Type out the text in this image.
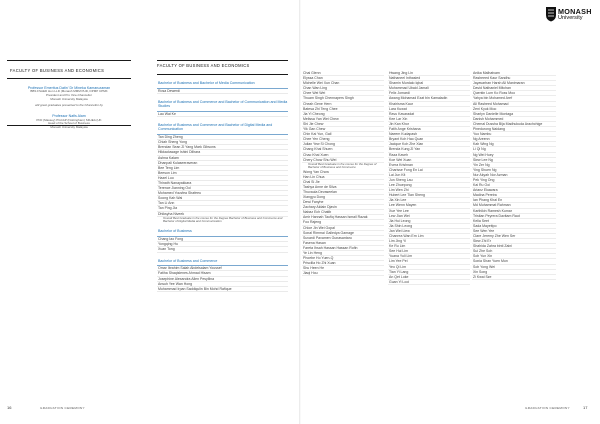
FACULTY OF BUSINESS AND ECONOMICS
Professor Emeritus Datin' Dr Mineka Kamaruzaman
BBS FSAED Hon LLD (Monash MMM PHD, DPMP CPMK
President and Pro Vice-Chancellor
Monash University Malaysia
will greet graduates presented to the Chancellor by
Professor Nafis Alam
PhD (Massey) PGCAP (Nottingham) SFHEA (UK
Head of the School of Business
Monash University Malaysia
FACULTY OF BUSINESS AND ECONOMICS
Bachelor of Business and Bachelor of Media Communication
Rosa Dewerdi
Bachelor of Business and Commerce and Bachelor of Communication and Media Studies
Lau Wai Ke
Bachelor of Business and Commerce and Bachelor of Digital Media and Communication
Tan Ding Zheng
Chiah Sheng Yong
Brendan Sean Zi Yang Mark Gibsons
Hikkaduwage Ishini Dilhara
Ashna Kalam
Dhanpali Kulaseeraveran
Bee Teng Lim
Beeson Lim
Hazel Luo
Thinath Nanayakkara
Terence Jianning Ooi
Mohamed Yousfea Shafeeu
Soong Kah Wai
Tan Li Ann
Tan Ping Jia
Dhiksyha Niveek
Overall Best Graduate in the course for the Degree Bachelor of Business and Commerce and Bachelor of Digital Media and Communication
Bachelor of Business
Chang Iao Fong
Yongqing Hu
Xuan Tong
Bachelor of Business and Commerce
Omar Ibrahim Salah Abdelsalam Youssef
Fatiha Shaqislenes Ahmad Hisam
Josephine Alexandra Allen Pesyllina
Ansuh Yee Wan Hong
Muhammad Irpan Saddiqulin Bin Mohd Rafique
Chai Glenn
Elyssa Chan
Michelle Wei Xun Chan
Chan Wan Ling
Chee Wei Wei
Thuam Singh Chennapers Singh
Cheah Gene Hern
Batesa Zhi Teng Chee
Jia Yi Cheong
Melissa Yan Wei Chew
Shi Jie Chew
Yik Gan Chew
Chin Kai Yun, Gail
Chee Yen Cheng
Julian Yew Si Chong
Chang Khai Shuen
Chao Khai Xuen
Chery Chow Shu Wei
Overall Best Graduate in the course for the Degree of Bachelor of Business and Commerce
Wong Yan Chow
Han Lin Chua
Chai Si Jie
Tashya Anne de Silva
Thuvaula Devaseelan
Xiangyu Dong
Dewi Fanyhe
Zachary Aldain Djavin
Nabaz Ech Chatib
Amir Hannah Taufiq Hassan Ismail Razak
Foo Rajeng
Chloe Jin Wei Gopal
Sonal Rimmai Galledya Gamage
Suvardi Pavamen Gunasantaru
Fasena Hasan
Fareta Ihsah Hassan Hassan Rofin
Ye Lin Heng
Phoebe Ho Yuen-Q
Priscilla Ho Zhi Xuan
Shu Heen He
Jiaqi Hou
Hwang Jing Lin
Nathaneel Inthasied
Shamin Murdalo Iqbal
Muhammad Ubaid Jamali
Felix Jomardi
Awang Mohamad Ezat bin Kamaladin
Khairisma Kaur
Lara Kuwat
Ravu Kavaradat
Kee Lar Xin
Jin Kan Khor
Fatih Ange Krishana
Naeem Kudapash
Bryant Koh Hao Quan
Jacique Koh Zhe Xian
Brenda Kung Zi Yan
Raza Kaveh
Koe Wei Xuan
Evera Krishnan
Charisse Fong En Lai
Lai Jun Kit
Jun Sheng Lau
Lee Zhuepong
Lim Wen Zhi
Hubert Lee Tian Sheng
Jia Xin Lee
Lee Wenn Mayen
Xue Yee Lee
Lew Jian Wei
Jia Hui Leong
Jia Shin Leong
Jan Wei Liew
Chanrea Wan Ern Lim
Lim Jing Yi
Ke Ru Lim
See Hui Lim
Yuana Yuli Lim
Lim Yee Pei
Yeo Qi Lim
Tian Yi Lang
An Qet Loke
Guan Yi Looi
Anika Malhatvam
Rasheeed Kaur Sandhu
Jayavarhan Harsh Ali Manimaran
David Nathaniel Mitchan
Quentin Lum Ko Ross Moo
Yahya bin Mohamed Aref
Ali Rasheed Mohamad
Zeni Kyuk Moo
Sharlyn Danielle Montaga
Danish Mohammed
Chemal Dussha Bija Madhukuda Arachchige
Pinedurong Naidang
Yuo Nambu
Ng Areenn
Kah Wing Ng
Li Qi Ng
Ng Wei Huey
Siew Lee Ng
Yin Zer Ng
Ying Shuen Ng
Nur Akyah Nor Azman
Pek Ying Ong
Kai Ru Ooi
Arianz Ekawara
Madina Pereira
Ian Phang Khai En
Md Muhammat Rahman
Karthikin Ramesh Kumar
Tristian Peyrera Davitam Raut
Kelia Seet
Sada Mayettpo
See Wen Yee
Clare Jeremy Zhe Wen Ser
Siew Zhi Er
Shahida Zahra binti Zaini
Sui Zhe Soh
Soh Yun Xin
Sonia Shan Yuen Mun
Soh Yong Wei
Xin Song
Zi Kwai Sze
MONASH
University
16	GRADUATION CEREMONY	GRADUATION CEREMONY	17
